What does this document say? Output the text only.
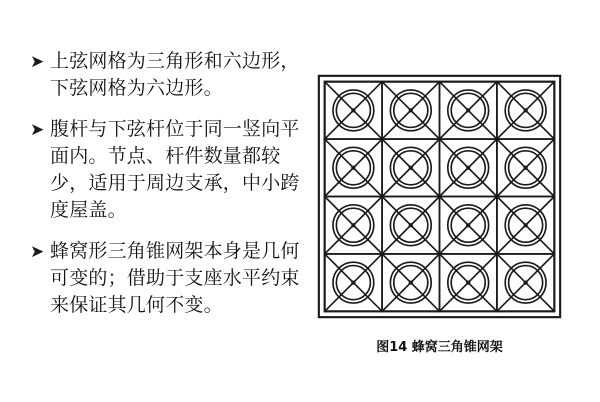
➤ 上弦网格为三角形和六边形，下弦网格为六边形。
➤ 腹杆与下弦杆位于同一竖向平面内。节点、杆件数量都较少，适用于周边支承，中小跨度屋盖。
➤ 蜂窝形三角锥网架本身是几何可变的；借助于支座水平约束来保证其几何不变。
图14 蜂窝三角锥网架
